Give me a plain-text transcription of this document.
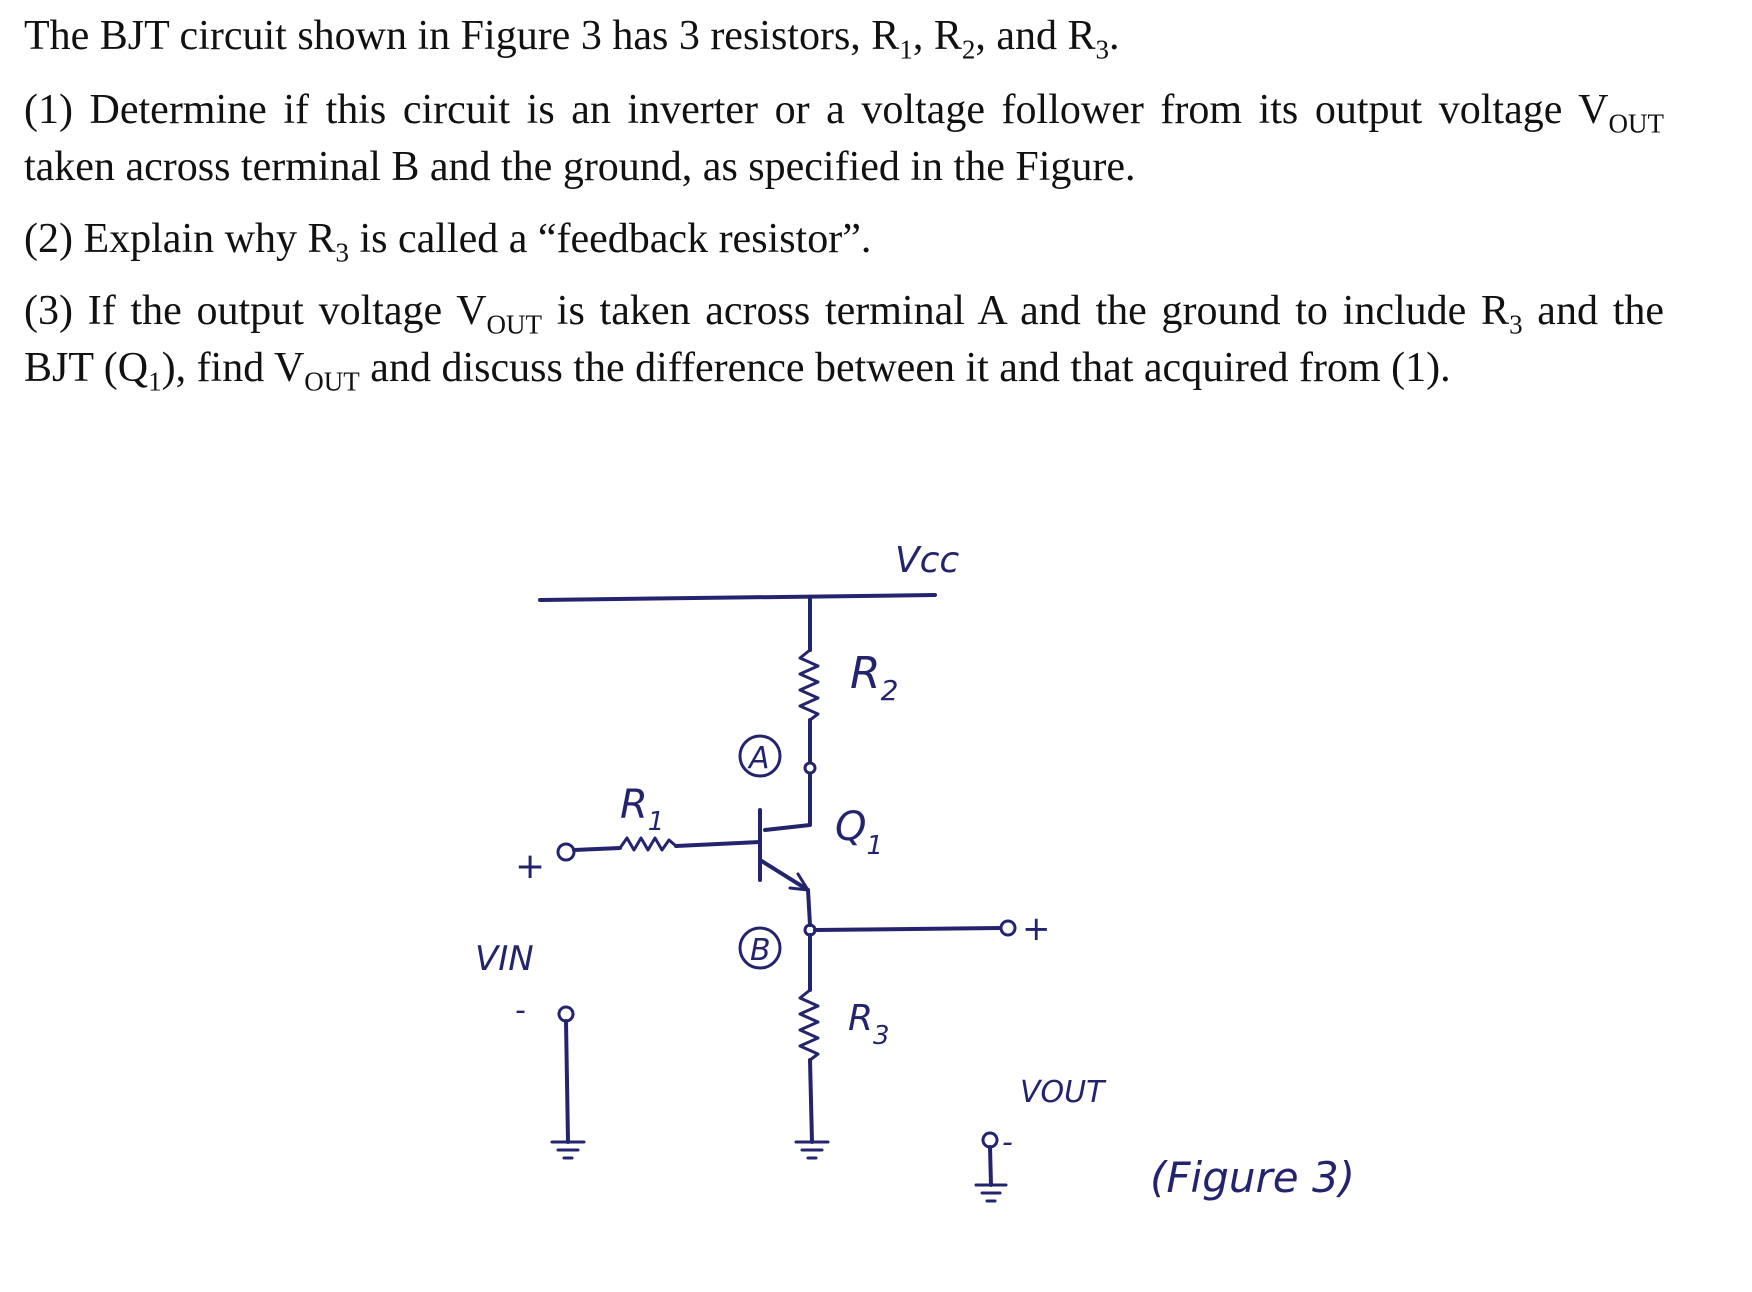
The BJT circuit shown in Figure 3 has 3 resistors, $R_1$, $R_2$, and $R_3$.

(1) Determine if this circuit is an inverter or a voltage follower from its output voltage $V_{OUT}$ taken across terminal B and the ground, as specified in the Figure.

(2) Explain why $R_3$ is called a “feedback resistor”.

(3) If the output voltage $V_{OUT}$ is taken across terminal A and the ground to include $R_3$ and the BJT $(Q_1)$, find $V_{OUT}$ and discuss the difference between it and that acquired from (1).

Vcc
$R_2$
A
$Q_1$
+
$R_1$
B
+
$R_3$
VIN
-
VOUT
-
(Figure 3)
